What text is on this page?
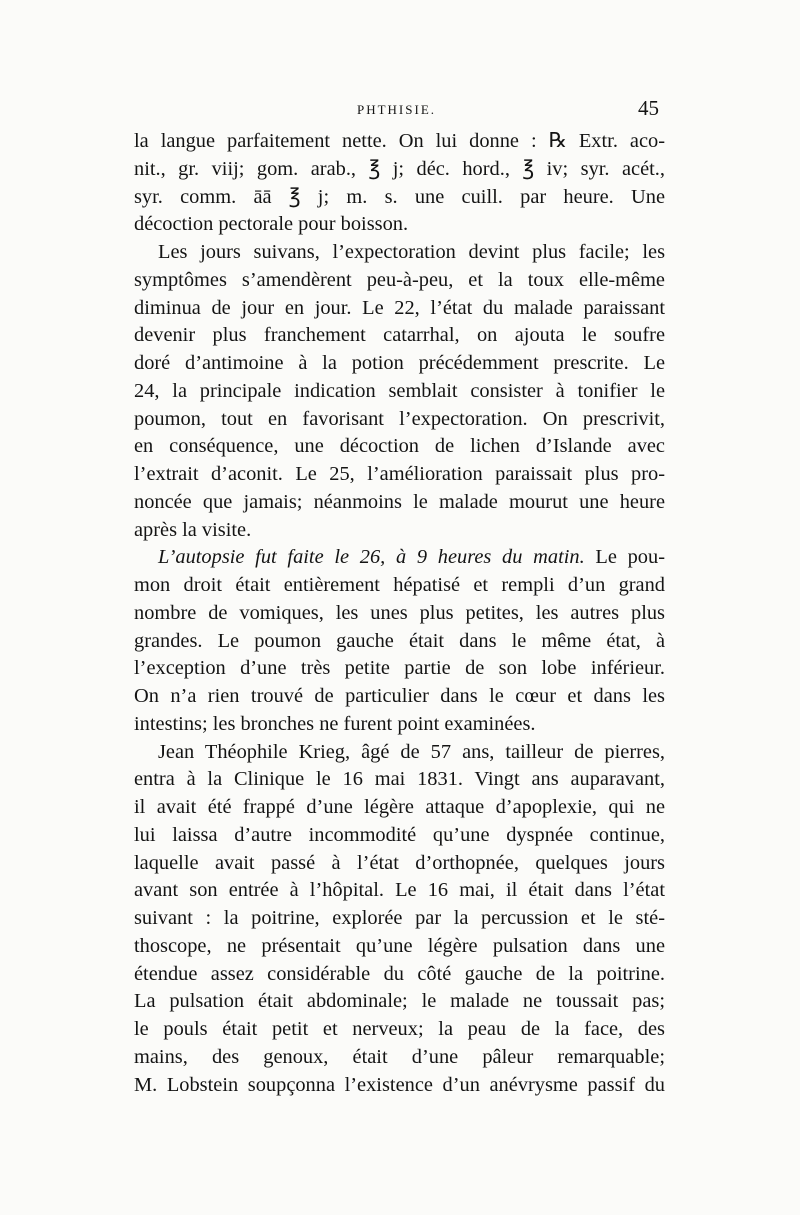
PHTHISIE.	45
la langue parfaitement nette. On lui donne : ℞ Extr. aco-
nit., gr. viij; gom. arab., ℥ j; déc. hord., ℥ iv; syr. acét.,
syr. comm. āā ℥ j; m. s. une cuill. par heure. Une
décoction pectorale pour boisson.
Les jours suivans, l’expectoration devint plus facile; les
symptômes s’amendèrent peu-à-peu, et la toux elle-même
diminua de jour en jour. Le 22, l’état du malade paraissant
devenir plus franchement catarrhal, on ajouta le soufre
doré d’antimoine à la potion précédemment prescrite. Le
24, la principale indication semblait consister à tonifier le
poumon, tout en favorisant l’expectoration. On prescrivit,
en conséquence, une décoction de lichen d’Islande avec
l’extrait d’aconit. Le 25, l’amélioration paraissait plus pro-
noncée que jamais; néanmoins le malade mourut une heure
après la visite.
L’autopsie fut faite le 26, à 9 heures du matin. Le pou-
mon droit était entièrement hépatisé et rempli d’un grand
nombre de vomiques, les unes plus petites, les autres plus
grandes. Le poumon gauche était dans le même état, à
l’exception d’une très petite partie de son lobe inférieur.
On n’a rien trouvé de particulier dans le cœur et dans les
intestins; les bronches ne furent point examinées.
Jean Théophile Krieg, âgé de 57 ans, tailleur de pierres,
entra à la Clinique le 16 mai 1831. Vingt ans auparavant,
il avait été frappé d’une légère attaque d’apoplexie, qui ne
lui laissa d’autre incommodité qu’une dyspnée continue,
laquelle avait passé à l’état d’orthopnée, quelques jours
avant son entrée à l’hôpital. Le 16 mai, il était dans l’état
suivant : la poitrine, explorée par la percussion et le sté-
thoscope, ne présentait qu’une légère pulsation dans une
étendue assez considérable du côté gauche de la poitrine.
La pulsation était abdominale; le malade ne toussait pas;
le pouls était petit et nerveux; la peau de la face, des
mains, des genoux, était d’une pâleur remarquable;
M. Lobstein soupçonna l’existence d’un anévrysme passif du
